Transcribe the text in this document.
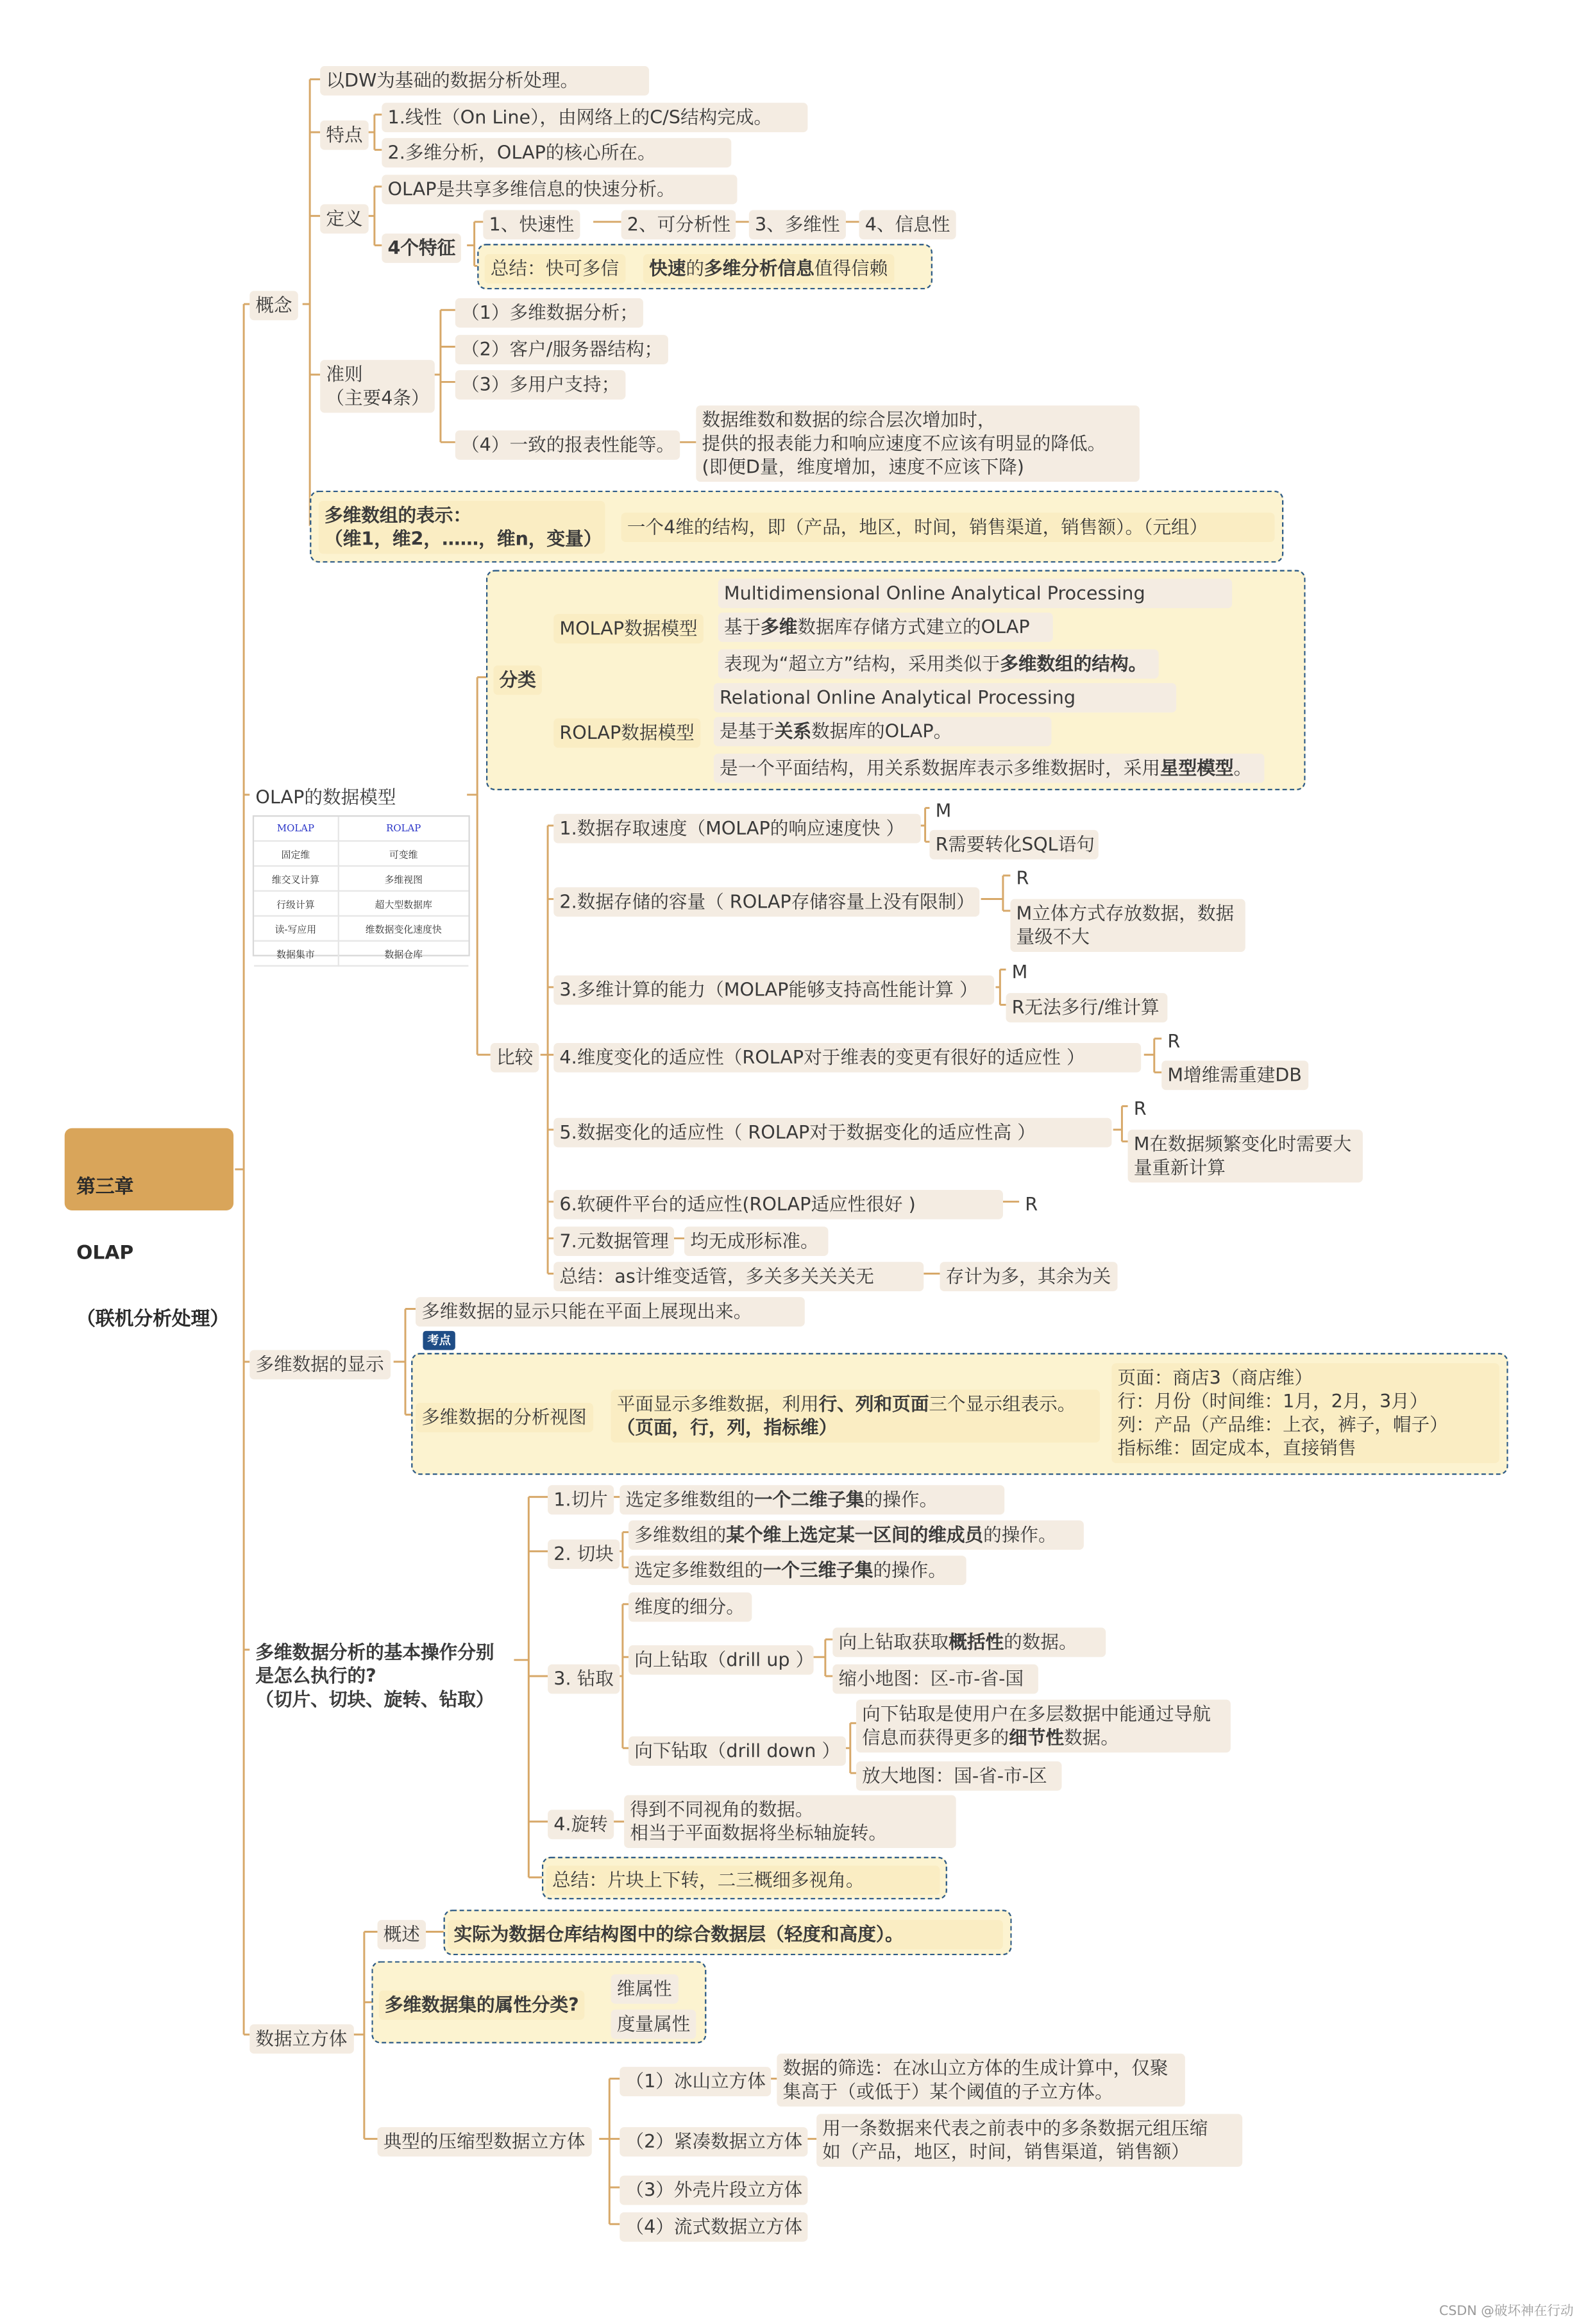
第三章

OLAP

（联机分析处理）

概念
以DW为基础的数据分析处理。
特点
1.线性（On Line），由网络上的C/S结构完成。
2.多维分析，OLAP的核心所在。
定义
OLAP是共享多维信息的快速分析。
4个特征
1、快速性	2、可分析性	3、多维性	4、信息性
总结：快可多信	快速的多维分析信息值得信赖
准则
（主要4条）
（1）多维数据分析；
（2）客户/服务器结构；
（3）多用户支持；
（4）一致的报表性能等。
数据维数和数据的综合层次增加时，
提供的报表能力和响应速度不应该有明显的降低。
(即便D量，维度增加，速度不应该下降)
多维数组的表示：
（维1，维2，……，维n，变量）
一个4维的结构，即（产品，地区，时间，销售渠道，销售额）。（元组）
OLAP的数据模型
MOLAP	ROLAP
固定维	可变维
维交叉计算	多维视图
行级计算	超大型数据库
读-写应用	维数据变化速度快
数据集市	数据仓库
分类
MOLAP数据模型
Multidimensional Online Analytical Processing
基于多维数据库存储方式建立的OLAP
表现为“超立方”结构，采用类似于多维数组的结构。
ROLAP数据模型
Relational Online Analytical Processing
是基于关系数据库的OLAP。
是一个平面结构，用关系数据库表示多维数据时，采用星型模型。
比较
1.数据存取速度（MOLAP的响应速度快 ）
M
R需要转化SQL语句
2.数据存储的容量（ ROLAP存储容量上没有限制）
R
M立体方式存放数据，数据
量级不大
3.多维计算的能力（MOLAP能够支持高性能计算 ）
M
R无法多行/维计算
4.维度变化的适应性（ROLAP对于维表的变更有很好的适应性 ）
R
M增维需重建DB
5.数据变化的适应性（ ROLAP对于数据变化的适应性高 ）
R
M在数据频繁变化时需要大
量重新计算
6.软硬件平台的适应性(ROLAP适应性很好 )	R
7.元数据管理	均无成形标准。
总结：as计维变适管，多关多关关关无	存计为多，其余为关
多维数据的显示
多维数据的显示只能在平面上展现出来。
考点
多维数据的分析视图
平面显示多维数据，利用行、列和页面三个显示组表示。
（页面，行，列，指标维）
页面：商店3（商店维）
行：月份（时间维：1月，2月，3月）
列：产品（产品维：上衣，裤子，帽子）
指标维：固定成本，直接销售
多维数据分析的基本操作分别
是怎么执行的?
（切片、切块、旋转、钻取）
1.切片	选定多维数组的一个二维子集的操作。
2. 切块
多维数组的某个维上选定某一区间的维成员的操作。
选定多维数组的一个三维子集的操作。
3. 钻取
维度的细分。
向上钻取（drill up ）
向上钻取获取概括性的数据。
缩小地图：区-市-省-国
向下钻取（drill down ）
向下钻取是使用户在多层数据中能通过导航
信息而获得更多的细节性数据。
放大地图：国-省-市-区
4.旋转
得到不同视角的数据。
相当于平面数据将坐标轴旋转。
总结：片块上下转，二三概细多视角。
数据立方体
概述	实际为数据仓库结构图中的综合数据层（轻度和高度）。
多维数据集的属性分类?
维属性
度量属性
典型的压缩型数据立方体
（1）冰山立方体
数据的筛选：在冰山立方体的生成计算中，仅聚
集高于（或低于）某个阈值的子立方体。
（2）紧凑数据立方体
用一条数据来代表之前表中的多条数据元组压缩
如（产品，地区，时间，销售渠道，销售额）
（3）外壳片段立方体
（4）流式数据立方体
CSDN @破坏神在行动
